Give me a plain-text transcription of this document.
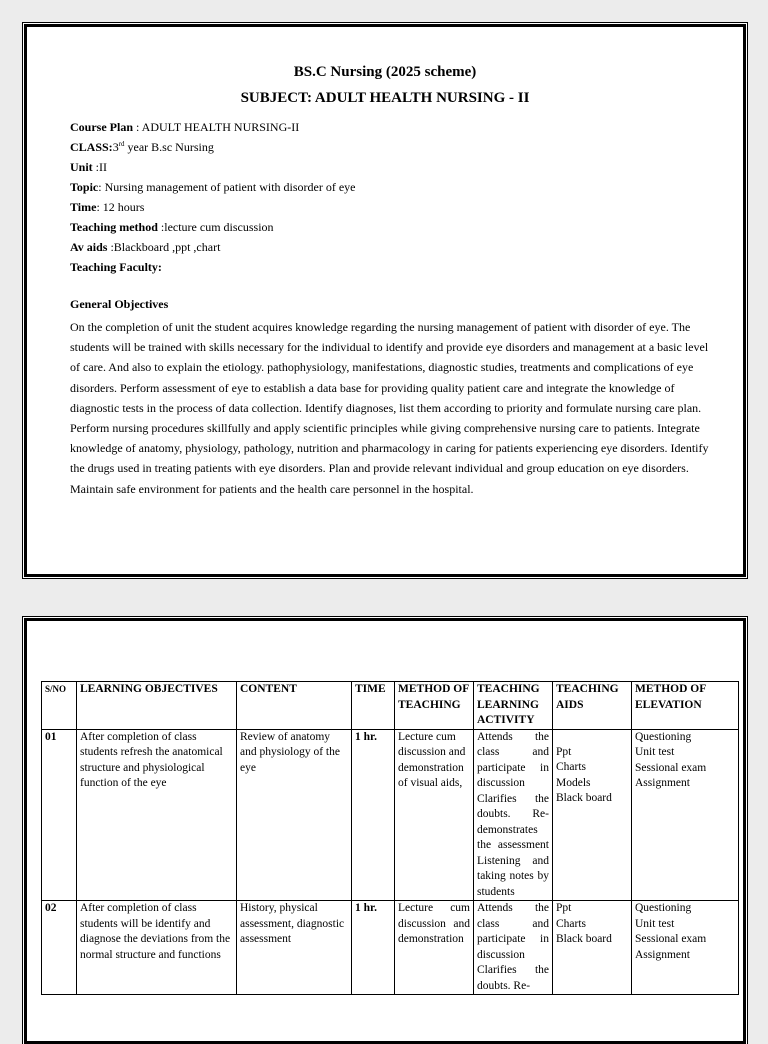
BS.C Nursing (2025 scheme)
SUBJECT: ADULT HEALTH NURSING - II
Course Plan : ADULT HEALTH NURSING-II
CLASS:3rd year B.sc Nursing
Unit :II
Topic: Nursing management of patient with disorder of eye
Time: 12 hours
Teaching method :lecture cum discussion
Av aids :Blackboard ,ppt ,chart
Teaching Faculty:
General Objectives
On the completion of unit the student acquires knowledge regarding the nursing management of patient with disorder of eye. The students will be trained with skills necessary for the individual to identify and provide eye disorders and management at a basic level of care. And also to explain the etiology. pathophysiology, manifestations, diagnostic studies, treatments and complications of eye disorders. Perform assessment of eye to establish a data base for providing quality patient care and integrate the knowledge of diagnostic tests in the process of data collection. Identify diagnoses, list them according to priority and formulate nursing care plan. Perform nursing procedures skillfully and apply scientific principles while giving comprehensive nursing care to patients. Integrate knowledge of anatomy, physiology, pathology, nutrition and pharmacology in caring for patients experiencing eye disorders. Identify the drugs used in treating patients with eye disorders. Plan and provide relevant individual and group education on eye disorders. Maintain safe environment for patients and the health care personnel in the hospital.
S/NO	LEARNING OBJECTIVES	CONTENT	TIME	METHOD OF TEACHING	TEACHING LEARNING ACTIVITY	TEACHING AIDS	METHOD OF ELEVATION
01	After completion of class students refresh the anatomical structure and physiological function of the eye	Review of anatomy and physiology of the eye	1 hr.	Lecture cum discussion and demonstration of visual aids,	Attends the class and participate in discussion Clarifies the doubts. Re-demonstrates the assessment Listening and taking notes by students	Ppt
Charts
Models
Black board	Questioning
Unit test
Sessional exam
Assignment

02	After completion of class students will be identify and diagnose the deviations from the normal structure and functions	History, physical assessment, diagnostic assessment	1 hr.	Lecture cum discussion and demonstration	Attends the class and participate in discussion Clarifies the doubts. Re-	Ppt
Charts
Black board	Questioning
Unit test
Sessional exam
Assignment
